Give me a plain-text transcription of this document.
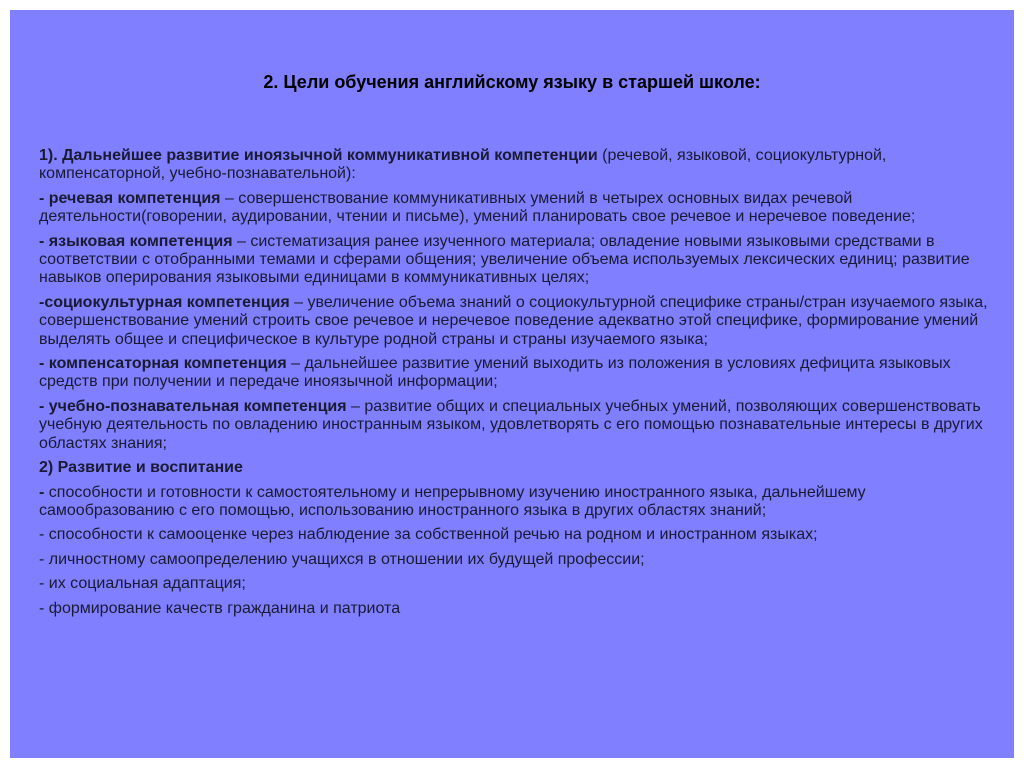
2. Цели обучения английскому языку в старшей школе:

1). Дальнейшее развитие иноязычной коммуникативной компетенции (речевой, языковой, социокультурной, компенсаторной, учебно-познавательной):

- речевая компетенция – совершенствование коммуникативных умений в четырех основных видах речевой деятельности(говорении, аудировании, чтении и письме), умений планировать свое речевое и неречевое поведение;

- языковая компетенция – систематизация ранее изученного материала; овладение новыми языковыми средствами в соответствии с отобранными темами и сферами общения; увеличение объема используемых лексических единиц; развитие навыков оперирования языковыми единицами в коммуникативных целях;

-социокультурная компетенция – увеличение объема знаний о социокультурной специфике страны/стран изучаемого языка, совершенствование умений строить свое речевое и неречевое поведение адекватно этой специфике, формирование умений выделять общее и специфическое в культуре родной страны и страны изучаемого языка;

- компенсаторная компетенция – дальнейшее развитие умений выходить из положения в условиях дефицита языковых средств при получении и передаче иноязычной информации;

- учебно-познавательная компетенция – развитие общих и специальных учебных умений, позволяющих совершенствовать учебную деятельность по овладению иностранным языком, удовлетворять с его помощью познавательные интересы в других областях знания;

2) Развитие и воспитание

- способности и готовности к самостоятельному и непрерывному изучению иностранного языка, дальнейшему самообразованию с его помощью, использованию иностранного языка в других областях знаний;

- способности к самооценке через наблюдение за собственной речью на родном и иностранном языках;

- личностному самоопределению учащихся в отношении их будущей профессии;

- их социальная адаптация;

- формирование качеств гражданина и патриота
